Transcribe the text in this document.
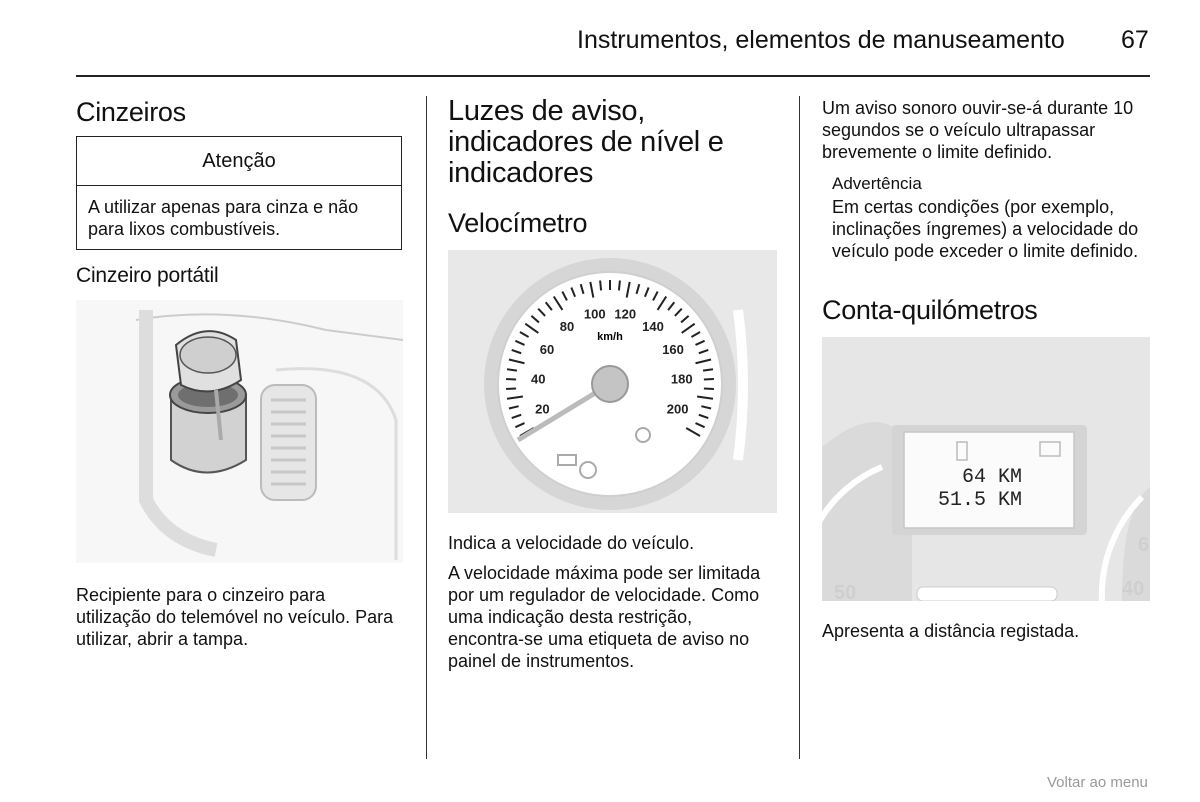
Instrumentos, elementos de manuseamento 67
Cinzeiros
Atenção
A utilizar apenas para cinza e não para lixos combustíveis.
Cinzeiro portátil
Recipiente para o cinzeiro para utilização do telemóvel no veículo. Para utilizar, abrir a tampa.
Luzes de aviso, indicadores de nível e indicadores
Velocímetro
km/h
20
40
60
80
100 120
140
160
180
200
Indica a velocidade do veículo.
A velocidade máxima pode ser limitada por um regulador de velocidade. Como uma indicação desta restrição, encontra-se uma etiqueta de aviso no painel de instrumentos.
Um aviso sonoro ouvir-se-á durante 10 segundos se o veículo ultrapassar brevemente o limite definido.
Advertência
Em certas condições (por exemplo, inclinações íngremes) a velocidade do veículo pode exceder o limite definido.
Conta-quilómetros
64 KM
51.5 KM
50
6
40
Apresenta a distância registada.
Voltar ao menu
